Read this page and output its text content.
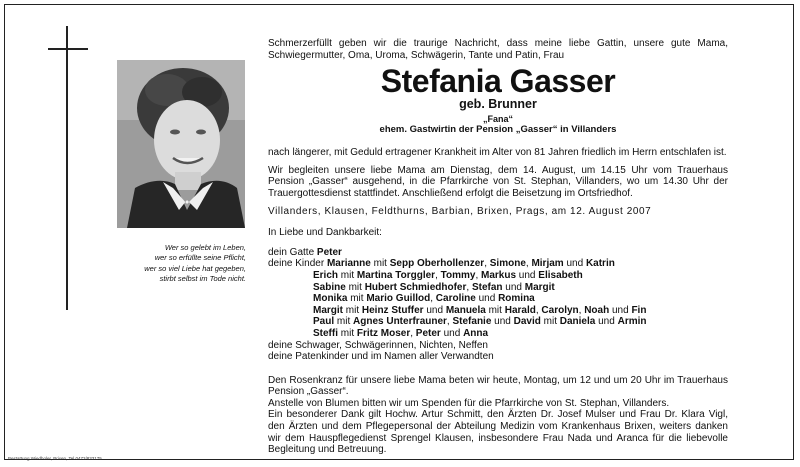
Wer so gelebt im Leben,
wer so erfüllte seine Pflicht,
wer so viel Liebe hat gegeben,
stirbt selbst im Tode nicht.
Bestattung Wiedholer, Brixen, Tel.0472/833175

Schmerzerfüllt geben wir die traurige Nachricht, dass meine liebe Gattin, unsere gute Mama, Schwiegermutter, Oma, Uroma, Schwägerin, Tante und Patin, Frau

Stefania Gasser
geb. Brunner
„Fana“
ehem. Gastwirtin der Pension „Gasser“ in Villanders

nach längerer, mit Geduld ertragener Krankheit im Alter von 81 Jahren friedlich im Herrn entschlafen ist.

Wir begleiten unsere liebe Mama am Dienstag, dem 14. August, um 14.15 Uhr vom Trauerhaus Pension „Gasser“ ausgehend, in die Pfarrkirche von St. Stephan, Villanders, wo um 14.30 Uhr der Trauergottesdienst stattfindet. Anschließend erfolgt die Beisetzung im Ortsfriedhof.

Villanders, Klausen, Feldthurns, Barbian, Brixen, Prags, am 12. August 2007

In Liebe und Dankbarkeit:

dein Gatte Peter
deine Kinder Marianne mit Sepp Oberhollenzer, Simone, Mirjam und Katrin
Erich mit Martina Torggler, Tommy, Markus und Elisabeth
Sabine mit Hubert Schmiedhofer, Stefan und Margit
Monika mit Mario Guillod, Caroline und Romina
Margit mit Heinz Stuffer und Manuela mit Harald, Carolyn, Noah und Fin
Paul mit Agnes Unterfrauner, Stefanie und David mit Daniela und Armin
Steffi mit Fritz Moser, Peter und Anna
deine Schwager, Schwägerinnen, Nichten, Neffen
deine Patenkinder und im Namen aller Verwandten

Den Rosenkranz für unsere liebe Mama beten wir heute, Montag, um 12 und um 20 Uhr im Trauerhaus Pension „Gasser“.

Anstelle von Blumen bitten wir um Spenden für die Pfarrkirche von St. Stephan, Villanders.

Ein besonderer Dank gilt Hochw. Artur Schmitt, den Ärzten Dr. Josef Mulser und Frau Dr. Klara Vigl, den Ärzten und dem Pflegepersonal der Abteilung Medizin vom Krankenhaus Brixen, weiters danken wir dem Hauspflegedienst Sprengel Klausen, insbesondere Frau Nada und Aranca für die liebevolle Begleitung und Betreuung.
